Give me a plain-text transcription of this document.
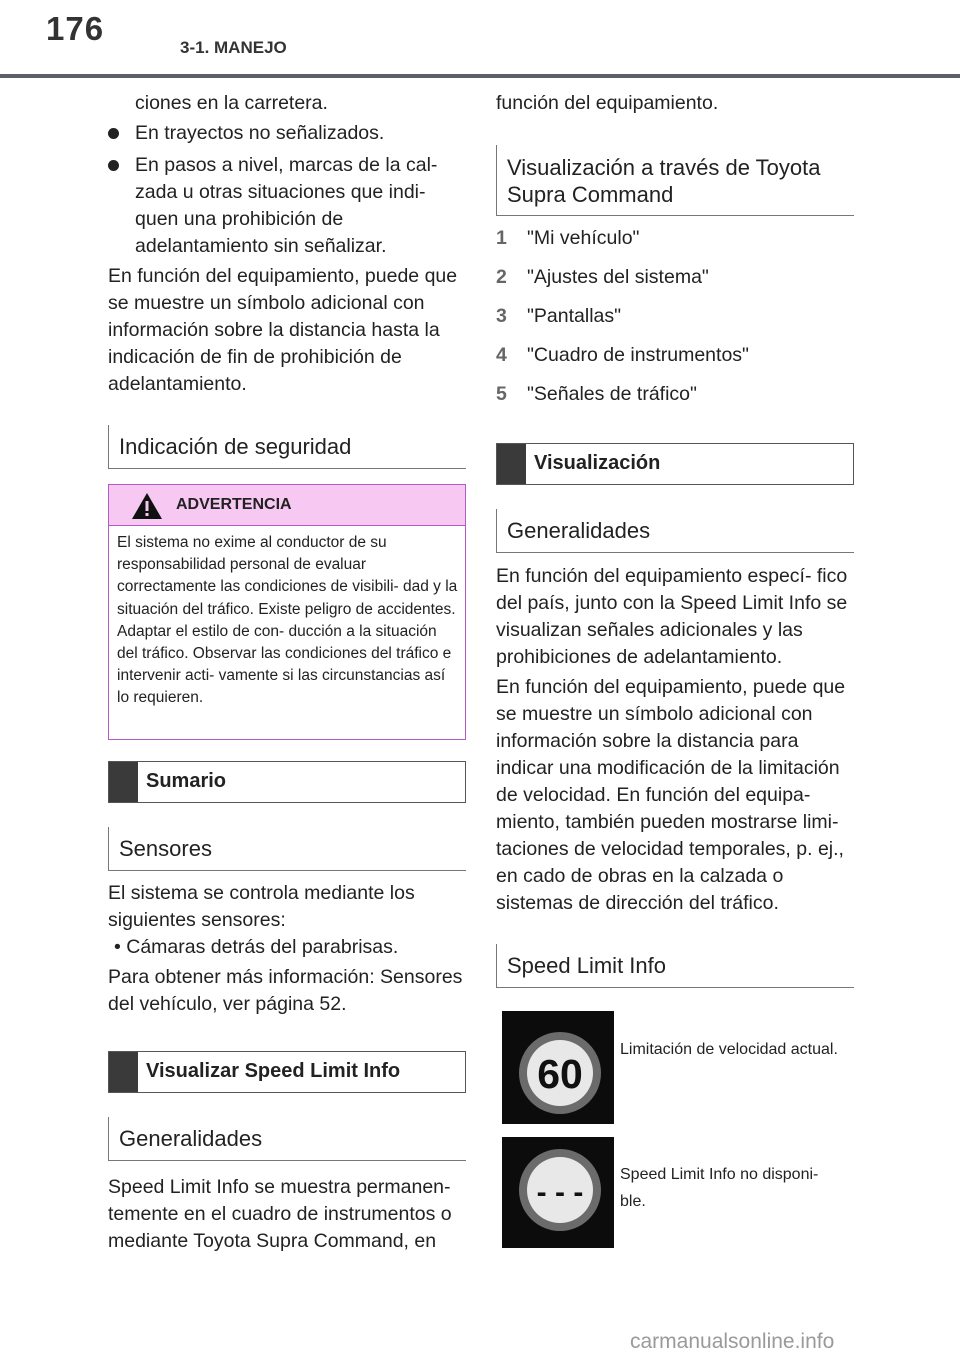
176
3-1. MANEJO
ciones en la carretera.
En trayectos no señalizados.
En pasos a nivel, marcas de la cal- zada u otras situaciones que indi- quen una prohibición de adelantamiento sin señalizar.
En función del equipamiento, puede que se muestre un símbolo adicional con información sobre la distancia hasta la indicación de fin de prohibición de adelantamiento.
Indicación de seguridad
ADVERTENCIA
El sistema no exime al conductor de su responsabilidad personal de evaluar correctamente las condiciones de visibili- dad y la situación del tráfico. Existe peligro de accidentes. Adaptar el estilo de con- ducción a la situación del tráfico. Observar las condiciones del tráfico e intervenir acti- vamente si las circunstancias así lo requieren.
Sumario
Sensores
El sistema se controla mediante los siguientes sensores:
• Cámaras detrás del parabrisas.
Para obtener más información: Sensores del vehículo, ver página 52.
Visualizar Speed Limit Info
Generalidades
Speed Limit Info se muestra permanen- temente en el cuadro de instrumentos o mediante Toyota Supra Command, en
función del equipamiento.
Visualización a través de Toyota Supra Command
1 "Mi vehículo"
2 "Ajustes del sistema"
3 "Pantallas"
4 "Cuadro de instrumentos"
5 "Señales de tráfico"
Visualización
Generalidades
En función del equipamiento especí- fico del país, junto con la Speed Limit Info se visualizan señales adicionales y las prohibiciones de adelantamiento.
En función del equipamiento, puede que se muestre un símbolo adicional con información sobre la distancia para indicar una modificación de la limitación de velocidad. En función del equipa- miento, también pueden mostrarse limi- taciones de velocidad temporales, p. ej., en cado de obras en la calzada o sistemas de dirección del tráfico.
Speed Limit Info
60
Limitación de velocidad actual.
- - -
Speed Limit Info no disponi- ble.
carmanualsonline.info
